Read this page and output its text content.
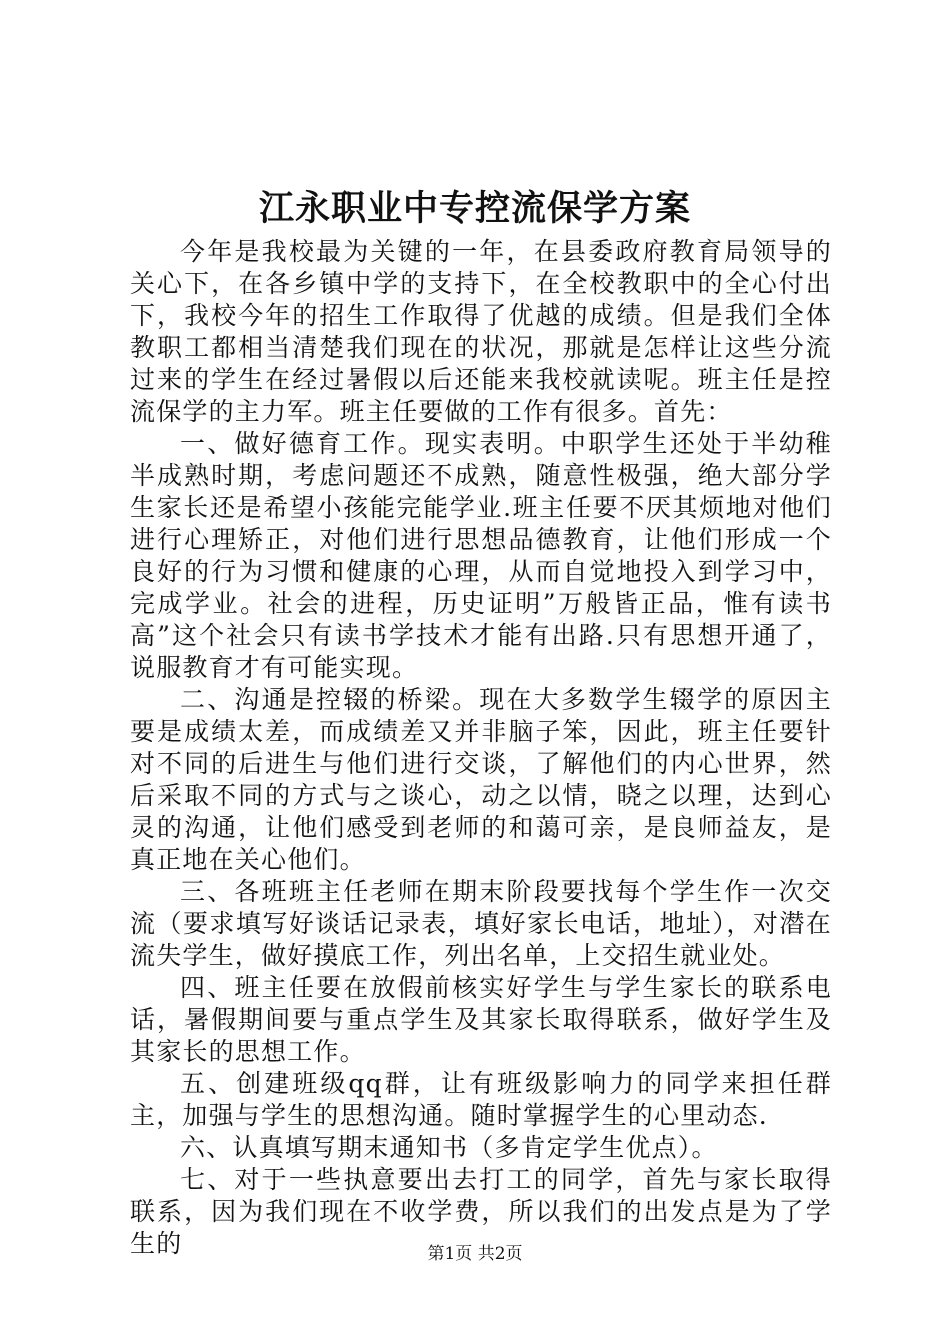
江永职业中专控流保学方案

今年是我校最为关键的一年，在县委政府教育局领导的关心下，在各乡镇中学的支持下，在全校教职中的全心付出下，我校今年的招生工作取得了优越的成绩。但是我们全体教职工都相当清楚我们现在的状况，那就是怎样让这些分流过来的学生在经过暑假以后还能来我校就读呢。班主任是控流保学的主力军。班主任要做的工作有很多。首先：

一、做好德育工作。现实表明。中职学生还处于半幼稚半成熟时期，考虑问题还不成熟，随意性极强，绝大部分学生家长还是希望小孩能完能学业.班主任要不厌其烦地对他们进行心理矫正，对他们进行思想品德教育，让他们形成一个良好的行为习惯和健康的心理，从而自觉地投入到学习中，完成学业。社会的进程，历史证明”万般皆正品，惟有读书高”这个社会只有读书学技术才能有出路.只有思想开通了，说服教育才有可能实现。

二、沟通是控辍的桥梁。现在大多数学生辍学的原因主要是成绩太差，而成绩差又并非脑子笨，因此，班主任要针对不同的后进生与他们进行交谈，了解他们的内心世界，然后采取不同的方式与之谈心，动之以情，晓之以理，达到心灵的沟通，让他们感受到老师的和蔼可亲，是良师益友，是真正地在关心他们。

三、各班班主任老师在期末阶段要找每个学生作一次交流（要求填写好谈话记录表，填好家长电话，地址），对潜在流失学生，做好摸底工作，列出名单，上交招生就业处。

四、班主任要在放假前核实好学生与学生家长的联系电话，暑假期间要与重点学生及其家长取得联系，做好学生及其家长的思想工作。

五、创建班级qq群，让有班级影响力的同学来担任群主，加强与学生的思想沟通。随时掌握学生的心里动态.

六、认真填写期末通知书（多肯定学生优点）。

七、对于一些执意要出去打工的同学，首先与家长取得联系，因为我们现在不收学费，所以我们的出发点是为了学生的	第1页 共2页
